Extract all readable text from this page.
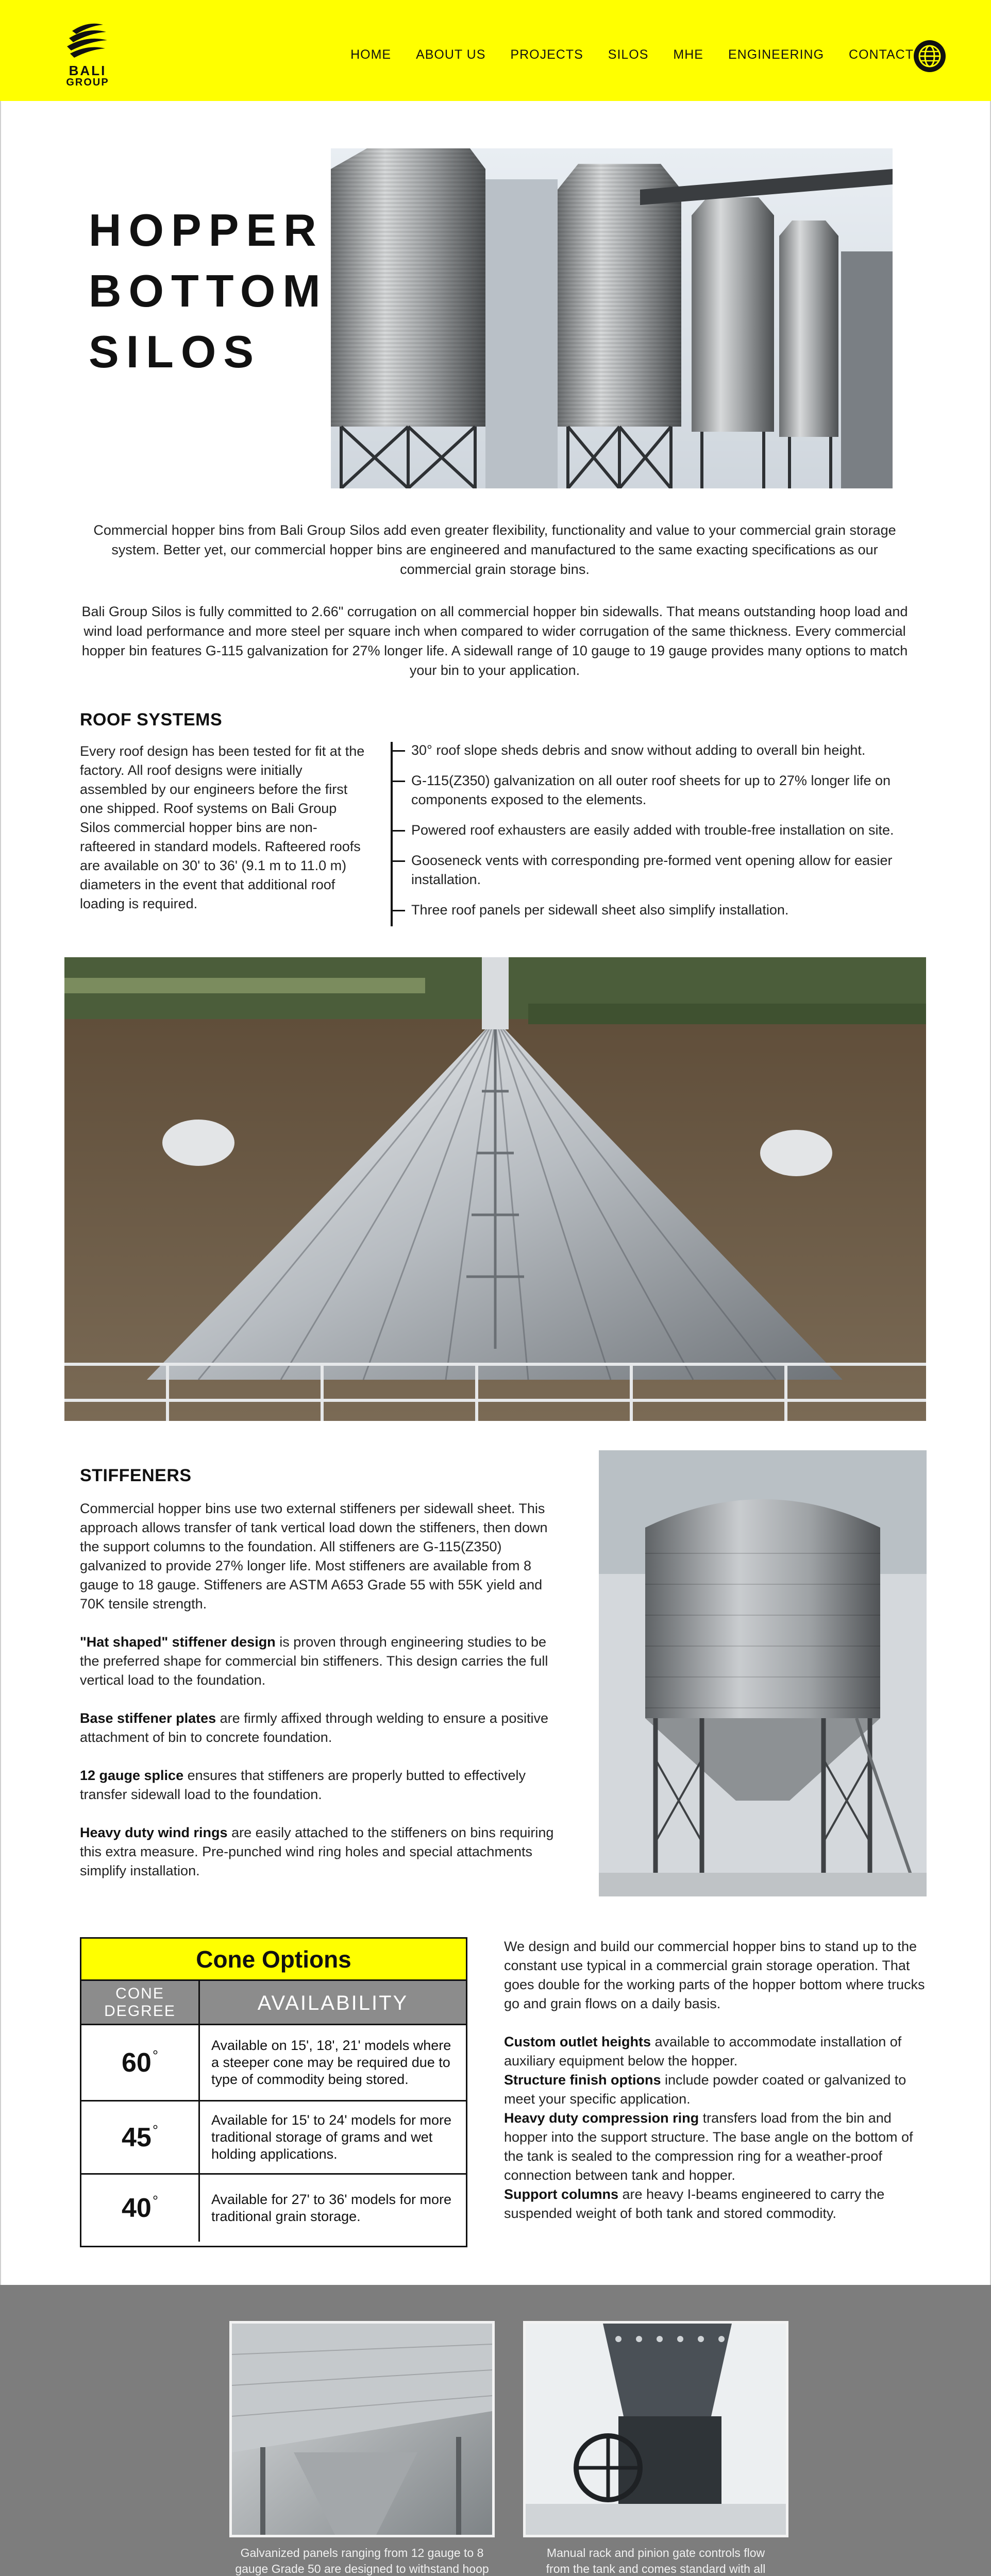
BALI
GROUP
HOME ABOUT US PROJECTS SILOS MHE ENGINEERING CONTACT
HOPPER
BOTTOM
SILOS
Commercial hopper bins from Bali Group Silos add even greater flexibility, functionality and value to your commercial grain storage system. Better yet, our commercial hopper bins are engineered and manufactured to the same exacting specifications as our commercial grain storage bins.
Bali Group Silos is fully committed to 2.66" corrugation on all commercial hopper bin sidewalls. That means outstanding hoop load and wind load performance and more steel per square inch when compared to wider corrugation of the same thickness. Every commercial hopper bin features G-115 galvanization for 27% longer life. A sidewall range of 10 gauge to 19 gauge provides many options to match your bin to your application.
ROOF SYSTEMS
Every roof design has been tested for fit at the factory. All roof designs were initially assembled by our engineers before the first one shipped. Roof systems on Bali Group Silos commercial hopper bins are non-rafteered in standard models. Rafteered roofs are available on 30' to 36' (9.1 m to 11.0 m) diameters in the event that additional roof loading is required.
30° roof slope sheds debris and snow without adding to overall bin height.
G-115(Z350) galvanization on all outer roof sheets for up to 27% longer life on components exposed to the elements.
Powered roof exhausters are easily added with trouble-free installation on site.
Gooseneck vents with corresponding pre-formed vent opening allow for easier installation.
Three roof panels per sidewall sheet also simplify installation.
STIFFENERS

Commercial hopper bins use two external stiffeners per sidewall sheet. This approach allows transfer of tank vertical load down the stiffeners, then down the support columns to the foundation. All stiffeners are G-115(Z350) galvanized to provide 27% longer life. Most stiffeners are available from 8 gauge to 18 gauge. Stiffeners are ASTM A653 Grade 55 with 55K yield and 70K tensile strength.

"Hat shaped" stiffener design is proven through engineering studies to be the preferred shape for commercial bin stiffeners. This design carries the full vertical load to the foundation.

Base stiffener plates are firmly affixed through welding to ensure a positive attachment of bin to concrete foundation.

12 gauge splice ensures that stiffeners are properly butted to effectively transfer sidewall load to the foundation.

Heavy duty wind rings are easily attached to the stiffeners on bins requiring this extra measure. Pre-punched wind ring holes and special attachments simplify installation.

Cone Options
CONE
DEGREE	AVAILABILITY
60°
Available on 15', 18', 21' models where a steeper cone may be required due to type of commodity being stored.
45°
Available for 15' to 24' models for more traditional storage of grams and wet holding applications.
40°	Available for 27' to 36' models for more traditional grain storage.

We design and build our commercial hopper bins to stand up to the constant use typical in a commercial grain storage operation. That goes double for the working parts of the hopper bottom where trucks go and grain flows on a daily basis.

Custom outlet heights available to accommodate installation of auxiliary equipment below the hopper.
Structure finish options include powder coated or galvanized to meet your specific application.
Heavy duty compression ring transfers load from the bin and hopper into the support structure. The base angle on the bottom of the tank is sealed to the compression ring for a weather-proof connection between tank and hopper.
Support columns are heavy I-beams engineered to carry the suspended weight of both tank and stored commodity.
Galvanized panels ranging from 12 gauge to 8 gauge Grade 50 are designed to withstand hoop
Manual rack and pinion gate controls flow from the tank and comes standard with all
